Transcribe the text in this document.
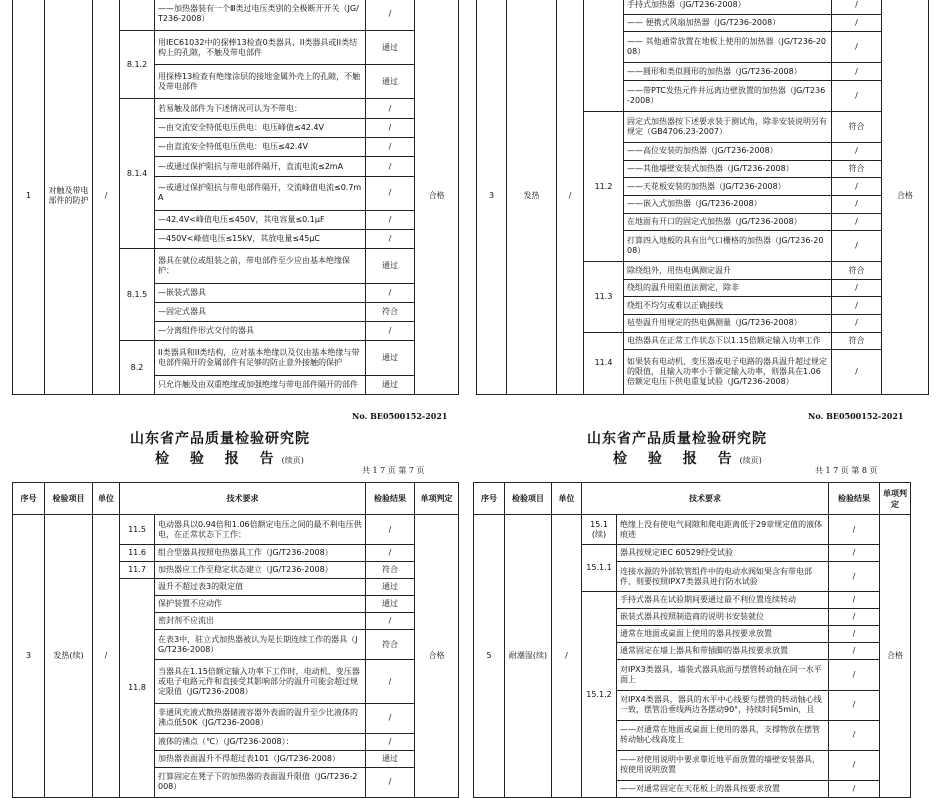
1	对触及带电部件的防护	/		——加热器装有一个Ⅲ类过电压类别的全极断开开关（JG/T236-2008）	/	合格
			8.1.2	用IEC61032中的探棒13检查0类器具、II类器具或II类结构上的孔隙，不触及带电部件	通过	
				用探棒13检查有绝缘涂层的接地金属外壳上的孔隙，不触及带电部件	通过	
			8.1.4	若易触及部件为下述情况可认为不带电：	/	
				—由交流安全特低电压供电：电压峰值≤42.4V	/	
				—由直流安全特低电压供电：电压≤42.4V	/	
				—或通过保护阻抗与带电部件隔开，直流电流≤2mA	/	
				—或通过保护阻抗与带电部件隔开，交流峰值电流≤0.7mA	/	
				—42.4V<峰值电压≤450V，其电容量≤0.1μF	/	
				—450V<峰值电压≤15kV，其放电量≤45μC	/	
			8.1.5	器具在就位或组装之前，带电部件至少应由基本绝缘保护：	通过	
				—嵌装式器具	/	
				—固定式器具	符合	
				—分离组件形式交付的器具	/	
			8.2	II类器具和II类结构，应对基本绝缘以及仅由基本绝缘与带电部件隔开的金属部件有足够的防止意外接触的保护	通过	
				只允许触及由双重绝缘或加强绝缘与带电部件隔开的部件	通过	
3	发热	/		手持式加热器（JG/T236-2008）	/	合格
				—— 便携式风扇加热器（JG/T236-2008）	/	
				—— 其他通常放置在地板上使用的加热器（JG/T236-2008）	/	
				——圆形和类似圆形的加热器（JG/T236-2008）	/	
				——带PTC发热元件并远离边壁放置的加热器（JG/T236-2008）	/	
			11.2	固定式加热器按下述要求装于测试角，除非安装说明另有规定（GB4706.23-2007）	符合	
				——高位安装的加热器（JG/T236-2008）	/	
				——其他墙壁安装式加热器（JG/T236-2008）	符合	
				——天花板安装的加热器（JG/T236-2008）	/	
				——嵌入式加热器（JG/T236-2008）	/	
				在地面有开口的固定式加热器（JG/T236-2008）	/	
				打算四入地板的具有出气口栅格的加热器（JG/T236-2008）	/	
			11.3	除绕组外，用热电偶测定温升	符合	
				绕组的温升用阻值法测定，除非	/	
				绕组不均匀或难以正确接线	/	
				毡垫温升用规定的热电偶测量（JG/T236-2008）	/	
			11.4	电热器具在正常工作状态下以1.15倍额定输入功率工作	符合	
				如果装有电动机、变压器或电子电路的器具温升超过规定的限值，且输入功率小于额定输入功率，则器具在1.06倍额定电压下供电重复试验（JG/T236-2008）	/	
No. BE0500152-2021
山东省产品质量检验研究院
检 验 报 告(续页)
共 1 7 页 第 7 页
序号	检验项目	单位	技术要求		检验结果	单项判定
3	发热(续)	/	11.5	电动器具以0.94倍和1.06倍额定电压之间的最不利电压供电，在正常状态下工作：	/	合格
			11.6	组合型器具按照电热器具工作（JG/T236-2008）	/	
			11.7	加热器应工作至稳定状态建立（JG/T236-2008）	符合	
			11.8	温升不超过表3的限定值	通过	
				保护装置不应动作	通过	
				密封剂不应流出	/	
				在表3中，驻立式加热器被认为是长期连续工作的器具（JG/T236-2008）	符合	
				当器具在1.15倍额定输入功率下工作时，电动机、变压器或电子电路元件和直接受其影响部分的温升可能会超过规定限值（JG/T236-2008）	/	
				非通风充液式散热器储液容器外表面的温升至少比液体的沸点低50K（JG/T236-2008）	/	
				液体的沸点（℃）（JG/T236-2008）：	/	
				加热器表面温升不得超过表101（JG/T236-2008）	通过	
				打算固定在凳子下的加热器的表面温升限值（JG/T236-2008）	/	
No. BE0500152-2021
山东省产品质量检验研究院
检 验 报 告(续页)
共 1 7 页 第 8 页
序号	检验项目	单位	技术要求		检验结果	单项判定
5	耐潮湿(续)	/	15.1(续)	绝缘上没有使电气间隙和爬电距离低于29章规定值的液体痕迹	/	合格
			15.1.1	器具按规定IEC 60529经受试验	/	
				连接水源的外部软管组件中的电动水阀如果含有带电部件，则要按照IPX7类器具进行防水试验	/	
			15.1.2	手持式器具在试验期间要通过最不利位置连续转动	/	
				嵌装式器具按照制造商的说明书安装就位	/	
				通常在地面或桌面上使用的器具按要求放置	/	
				通常固定在墙上器具和带插脚的器具按要求放置	/	
				对IPX3类器具，墙装式器具底面与摆管转动轴在同一水平面上	/	
				对IPX4类器具，器具的水平中心线要与摆管的转动轴心线一致，摆管沿垂线两边各摆动90°，持续时间5min，且	/	
				——对通常在地面或桌面上使用的器具，支撑物放在摆管转动轴心线高度上	/	
				——对使用说明中要求靠近地平面放置的墙壁安装器具，按使用说明放置	/	
				——对通常固定在天花板上的器具按要求放置	/	
